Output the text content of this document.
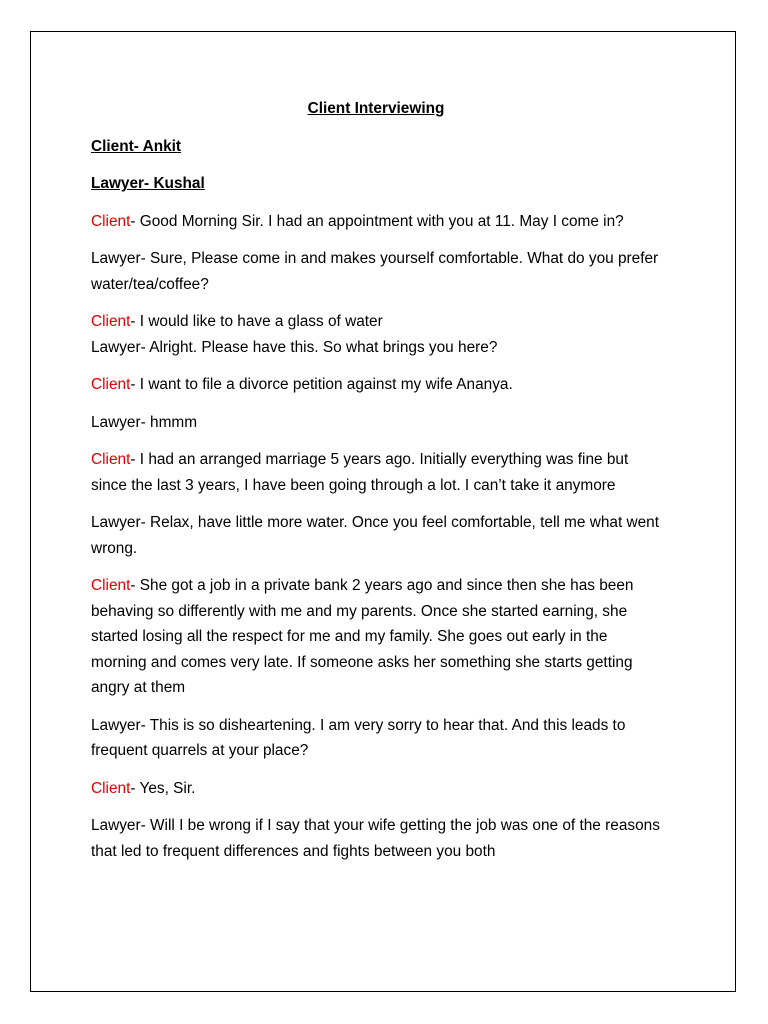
Client Interviewing
Client- Ankit
Lawyer- Kushal
Client- Good Morning Sir. I had an appointment with you at 11. May I come in?
Lawyer- Sure, Please come in and makes yourself comfortable. What do you prefer water/tea/coffee?
Client- I would like to have a glass of water
Lawyer- Alright. Please have this. So what brings you here?
Client- I want to file a divorce petition against my wife Ananya.
Lawyer- hmmm
Client- I had an arranged marriage 5 years ago. Initially everything was fine but since the last 3 years, I have been going through a lot. I can’t take it anymore
Lawyer- Relax, have little more water. Once you feel comfortable, tell me what went wrong.
Client- She got a job in a private bank 2 years ago and since then she has been behaving so differently with me and my parents. Once she started earning, she started losing all the respect for me and my family. She goes out early in the morning and comes very late. If someone asks her something she starts getting angry at them
Lawyer- This is so disheartening. I am very sorry to hear that. And this leads to frequent quarrels at your place?
Client- Yes, Sir.
Lawyer- Will I be wrong if I say that your wife getting the job was one of the reasons that led to frequent differences and fights between you both
